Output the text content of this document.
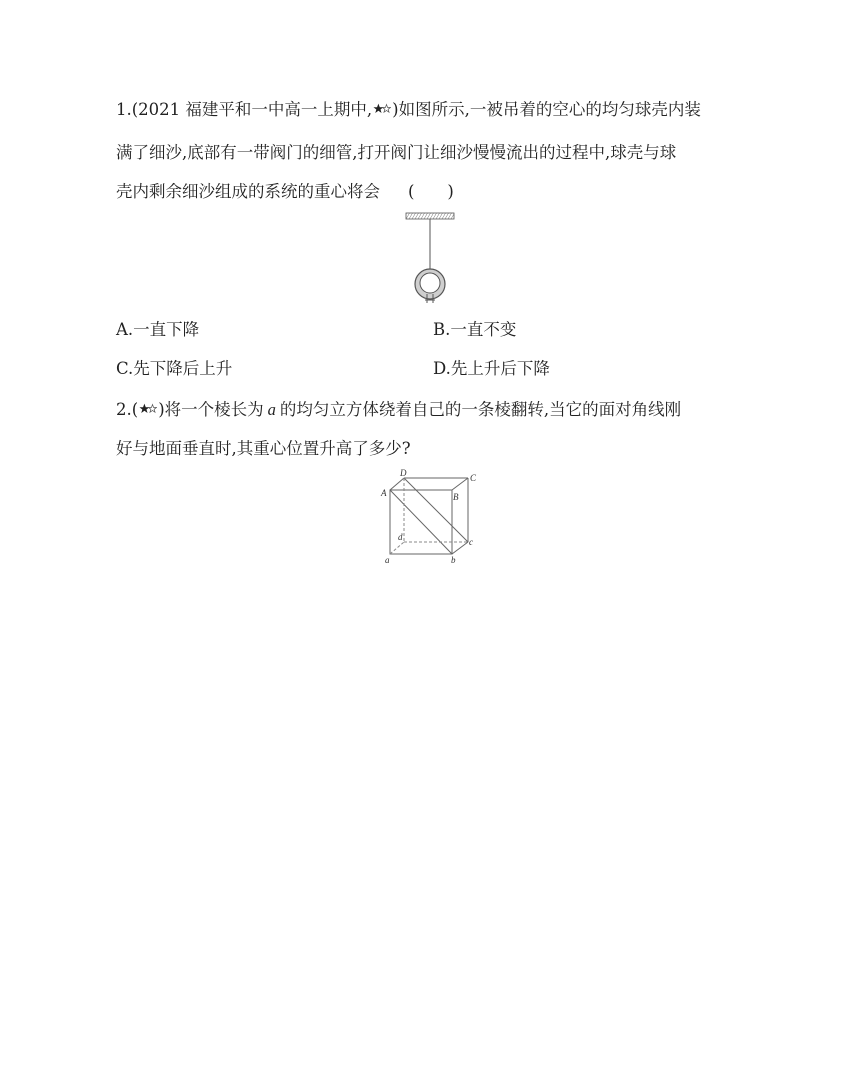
1.(2021 福建平和一中高一上期中, )如图所示,一被吊着的空心的均匀球壳内装
满了细沙,底部有一带阀门的细管,打开阀门让细沙慢慢流出的过程中,球壳与球
壳内剩余细沙组成的系统的重心将会 (　　)
A.一直下降	B.一直不变
C.先下降后上升	D.先上升后下降
2.( )将一个棱长为 a 的均匀立方体绕着自己的一条棱翻转,当它的面对角线刚
好与地面垂直时,其重心位置升高了多少?
D	C
A	B
d	c
a	b
